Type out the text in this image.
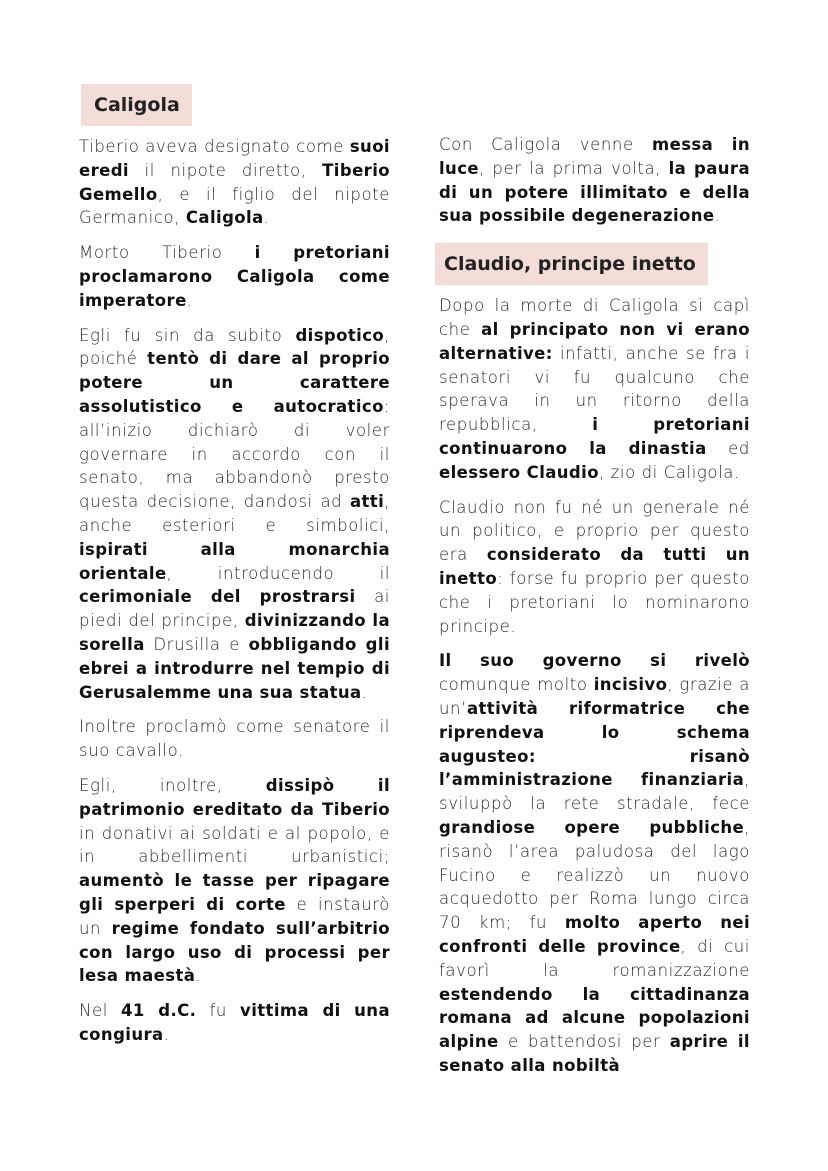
Caligola

Tiberio aveva designato come suoi eredi il nipote diretto, Tiberio Gemello, e il figlio del nipote Germanico, Caligola.

Morto Tiberio i pretoriani proclamarono Caligola come imperatore.

Egli fu sin da subito dispotico, poiché tentò di dare al proprio potere un carattere assolutistico e autocratico: all’inizio dichiarò di voler governare in accordo con il senato, ma abbandonò presto questa decisione, dandosi ad atti, anche esteriori e simbolici, ispirati alla monarchia orientale, introducendo il cerimoniale del prostrarsi ai piedi del principe, divinizzando la sorella Drusilla e obbligando gli ebrei a introdurre nel tempio di Gerusalemme una sua statua.

Inoltre proclamò come senatore il suo cavallo.

Egli, inoltre, dissipò il patrimonio ereditato da Tiberio in donativi ai soldati e al popolo, e in abbellimenti urbanistici; aumentò le tasse per ripagare gli sperperi di corte e instaurò un regime fondato sull’arbitrio con largo uso di processi per lesa maestà.

Nel 41 d.C. fu vittima di una congiura.

Con Caligola venne messa in luce, per la prima volta, la paura di un potere illimitato e della sua possibile degenerazione.

Claudio, principe inetto

Dopo la morte di Caligola si capì che al principato non vi erano alternative: infatti, anche se fra i senatori vi fu qualcuno che sperava in un ritorno della repubblica, i pretoriani continuarono la dinastia ed elessero Claudio, zio di Caligola.

Claudio non fu né un generale né un politico, e proprio per questo era considerato da tutti un inetto: forse fu proprio per questo che i pretoriani lo nominarono principe.

Il suo governo si rivelò comunque molto incisivo, grazie a un’attività riformatrice che riprendeva lo schema augusteo: risanò l’amministrazione finanziaria, sviluppò la rete stradale, fece grandiose opere pubbliche, risanò l’area paludosa del lago Fucino e realizzò un nuovo acquedotto per Roma lungo circa 70 km; fu molto aperto nei confronti delle province, di cui favorì la romanizzazione estendendo la cittadinanza romana ad alcune popolazioni alpine e battendosi per aprire il senato alla nobiltà
